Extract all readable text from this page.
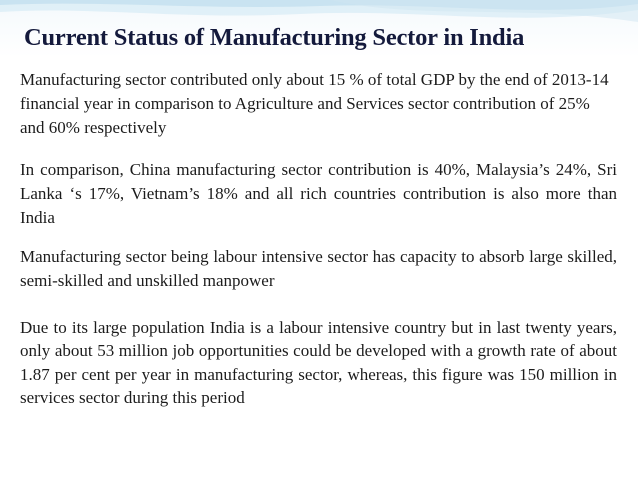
Current Status of Manufacturing Sector in India

Manufacturing sector contributed only about 15 % of total GDP by the end of 2013-14 financial year in comparison to Agriculture and Services sector contribution of 25% and 60% respectively

In comparison, China manufacturing sector contribution is 40%, Malaysia’s 24%, Sri Lanka ‘s 17%, Vietnam’s 18% and all rich countries contribution is also more than India

Manufacturing sector being labour intensive sector has capacity to absorb large skilled, semi-skilled and unskilled manpower

Due to its large population India is a labour intensive country but in last twenty years, only about 53 million job opportunities could be developed with a growth rate of about 1.87 per cent per year in manufacturing sector, whereas, this figure was 150 million in services sector during this period
